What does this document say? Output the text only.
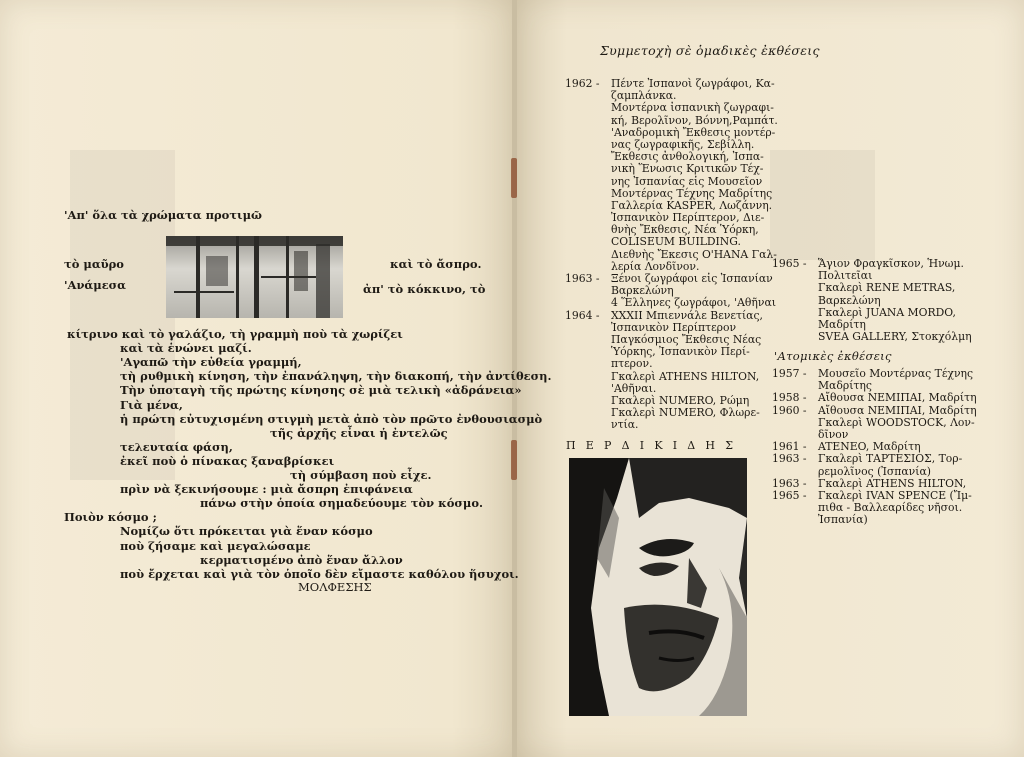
'Απ' ὅλα τὰ χρώματα προτιμῶ
τὸ μαῦρο	καὶ τὸ ἄσπρο.
'Ανάμεσα	ἀπ' τὸ κόκκινο, τὸ
κίτρινο καὶ τὸ γαλάζιο, τὴ γραμμὴ ποὺ τὰ χωρίζει
καὶ τὰ ἑνώνει μαζί.
'Αγαπῶ τὴν εὐθεία γραμμή,
τὴ ρυθμικὴ κίνηση, τὴν ἐπανάληψη, τὴν διακοπή, τὴν ἀντίθεση.
Τὴν ὑποταγὴ τῆς πρώτης κίνησης σὲ μιὰ τελικὴ «ἀδράνεια»
Γιὰ μένα,
ἡ πρώτη εὐτυχισμένη στιγμὴ μετὰ ἀπὸ τὸν πρῶτο ἐνθουσιασμὸ
τῆς ἀρχῆς εἶναι ἡ ἐντελῶς
τελευταία φάση,
ἐκεῖ ποὺ ὁ πίνακας ξαναβρίσκει
τὴ σύμβαση ποὺ εἶχε.
πρὶν νὰ ξεκινήσουμε : μιὰ ἄσπρη ἐπιφάνεια
πάνω στὴν ὁποία σημαδεύουμε τὸν κόσμο.
Ποιὸν κόσμο ;
Νομίζω ὅτι πρόκειται γιὰ ἕναν κόσμο
ποὺ ζήσαμε καὶ μεγαλώσαμε
κερματισμένο ἀπὸ ἕναν ἄλλον
ποὺ ἔρχεται καὶ γιὰ τὸν ὁποῖο δὲν εἴμαστε καθόλου ἥσυχοι.
ΜΟΛΦΕΣΗΣ
Συμμετοχὴ σὲ ὁμαδικὲς ἐκθέσεις
1962 - Πέντε Ἰσπανοὶ ζωγράφοι, Κα-
ζαμπλάνκα.
Μοντέρνα ἰσπανικὴ ζωγραφι-
κή, Βερολῖνον, Βόννη,Ραμπάτ.
'Αναδρομικὴ Ἔκθεσις μοντέρ-
νας ζωγραφικῆς, Σεβίλλη.
Ἔκθεσις ἀνθολογική, Ἰσπα-
νικὴ Ἕνωσις Κριτικῶν Τέχ-
νης Ἰσπανίας εἰς Μουσεῖον
Μοντέρνας Τέχνης Μαδρίτης
Γαλλερία KASPER, Λωζάννη.
Ἰσπανικὸν Περίπτερον, Διε-
θνὴς Ἔκθεσις, Νέα Ὑόρκη,
COLISEUM BUILDING.
Διεθνὴς Ἔκεσις O'HANA Γαλ-
λερία Λονδῖνον.
1963 - Ξένοι ζωγράφοι εἰς Ἰσπανίαν
Βαρκελώνη
4 Ἕλληνες ζωγράφοι, 'Αθῆναι
1964 - XXXII Μπιεννάλε Βενετίας,
Ἰσπανικὸν Περίπτερον
Παγκόσμιος Ἔκθεσις Νέας
Ὑόρκης, Ἰσπανικὸν Περί-
πτερον.
Γκαλερὶ ATHENS HILTON,
'Αθῆναι.
Γκαλερὶ NUMERO, Ρώμη
Γκαλερὶ NUMERO, Φλωρε-
ντία.
1965 - Ἅγιον Φραγκῖσκον, Ἡνωμ.
Πολιτεῖαι
Γκαλερὶ RENE METRAS,
Βαρκελώνη
Γκαλερὶ JUANA MORDO,
Μαδρίτη
SVEA GALLERY, Στοκχόλμη
'Ατομικὲς ἐκθέσεις
1957 - Μουσεῖο Μοντέρνας Τέχνης
Μαδρίτης
1958 - Αἴθουσα NEMIΠAI, Μαδρίτη
1960 - Αἴθουσα NEMIΠAI, Μαδρίτη
Γκαλερὶ WOODSTOCK, Λον-
δῖνον
1961 - ATENEO, Μαδρίτη
1963 - Γκαλερὶ ΤΑΡΤΕΣΙΟΣ, Τορ-
ρεμολῖνος (Ἰσπανία)
1963 - Γκαλερὶ ATHENS HILTON,
1965 - Γκαλερὶ IVAN SPENCE (Ἴμ-
πιθα - Βαλλεαρίδες νῆσοι.
Ἰσπανία)
ΠΕΡΔΙΚΙΔΗΣ
